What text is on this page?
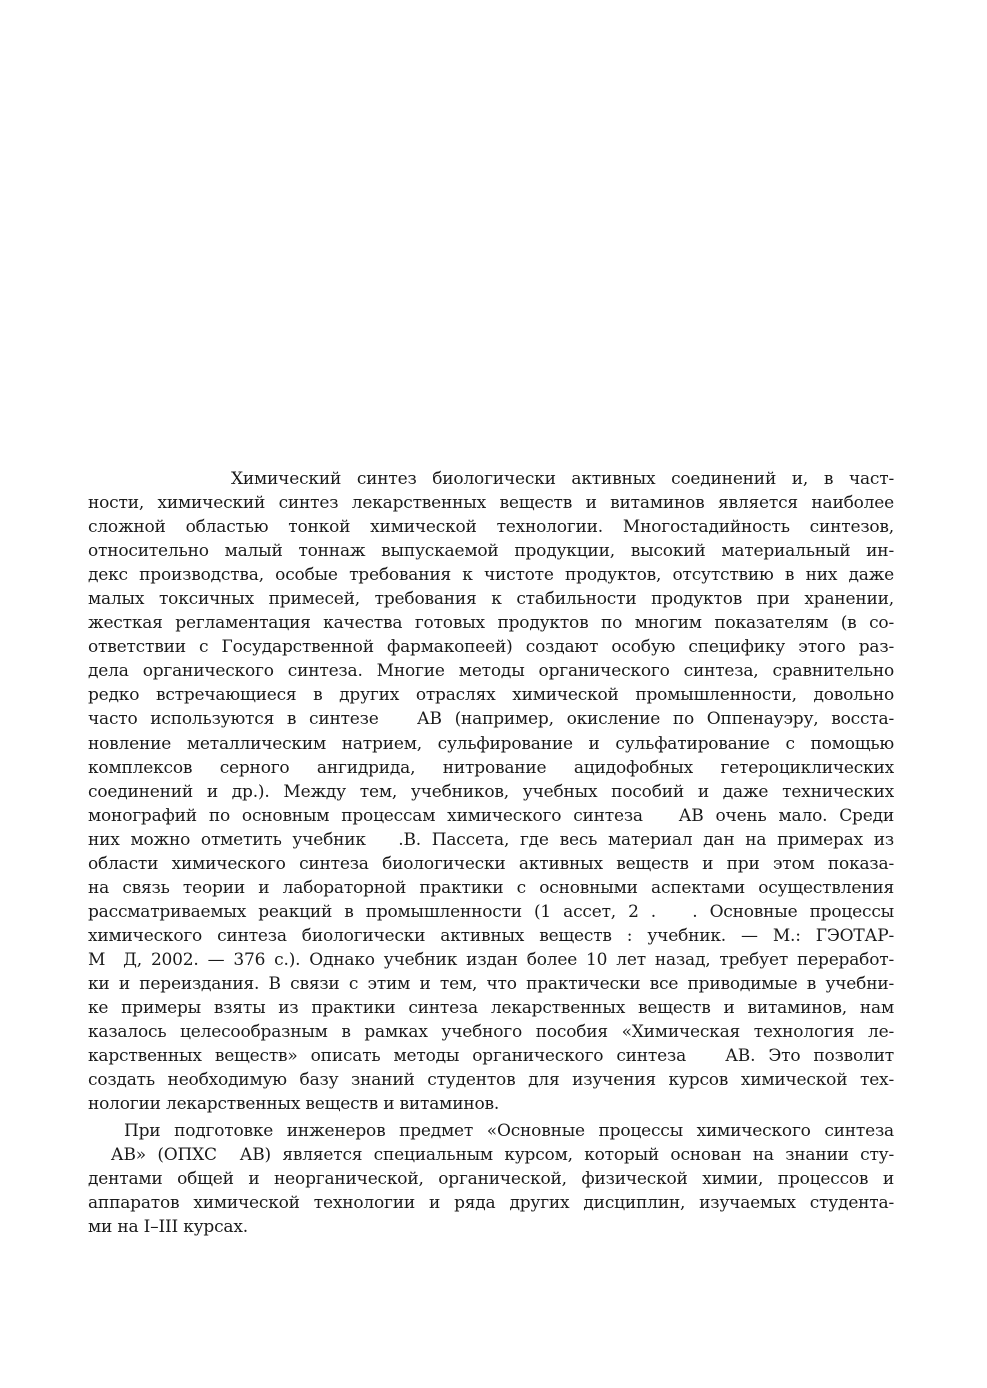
Химический синтез биологически активных соединений и, в част-
ности, химический синтез лекарственных веществ и витаминов является наиболее
сложной областью тонкой химической технологии. Многостадийность синтезов,
относительно малый тоннаж выпускаемой продукции, высокий материальный ин-
декс производства, особые требования к чистоте продуктов, отсутствию в них даже
малых токсичных примесей, требования к стабильности продуктов при хранении,
жесткая регламентация качества готовых продуктов по многим показателям (в со-
ответствии с Государственной фармакопеей) создают особую специфику этого раз-
дела органического синтеза. Многие методы органического синтеза, сравнительно
редко встречающиеся в других отраслях химической промышленности, довольно
часто используются в синтезе   АВ (например, окисление по Оппенауэру, восста-
новление металлическим натрием, сульфирование и сульфатирование с помощью
комплексов серного ангидрида, нитрование ацидофобных гетероциклических
соединений и др.). Между тем, учебников, учебных пособий и даже технических
монографий по основным процессам химического синтеза   АВ очень мало. Среди
них можно отметить учебник   .В. Пассета, где весь материал дан на примерах из
области химического синтеза биологически активных веществ и при этом показа-
на связь теории и лабораторной практики с основными аспектами осуществления
рассматриваемых реакций в промышленности (1 ассет, 2 .   . Основные процессы
химического синтеза биологически активных веществ : учебник. — М.: ГЭОТАР-
М  Д, 2002. — 376 с.). Однако учебник издан более 10 лет назад, требует переработ-
ки и переиздания. В связи с этим и тем, что практически все приводимые в учебни-
ке примеры взяты из практики синтеза лекарственных веществ и витаминов, нам
казалось целесообразным в рамках учебного пособия «Химическая технология ле-
карственных веществ» описать методы органического синтеза   АВ. Это позволит
создать необходимую базу знаний студентов для изучения курсов химической тех-
нологии лекарственных веществ и витаминов.
При подготовке инженеров предмет «Основные процессы химического синтеза
АВ» (ОПХС  АВ) является специальным курсом, который основан на знании сту-
дентами общей и неорганической, органической, физической химии, процессов и
аппаратов химической технологии и ряда других дисциплин, изучаемых студента-
ми на I–III курсах.
